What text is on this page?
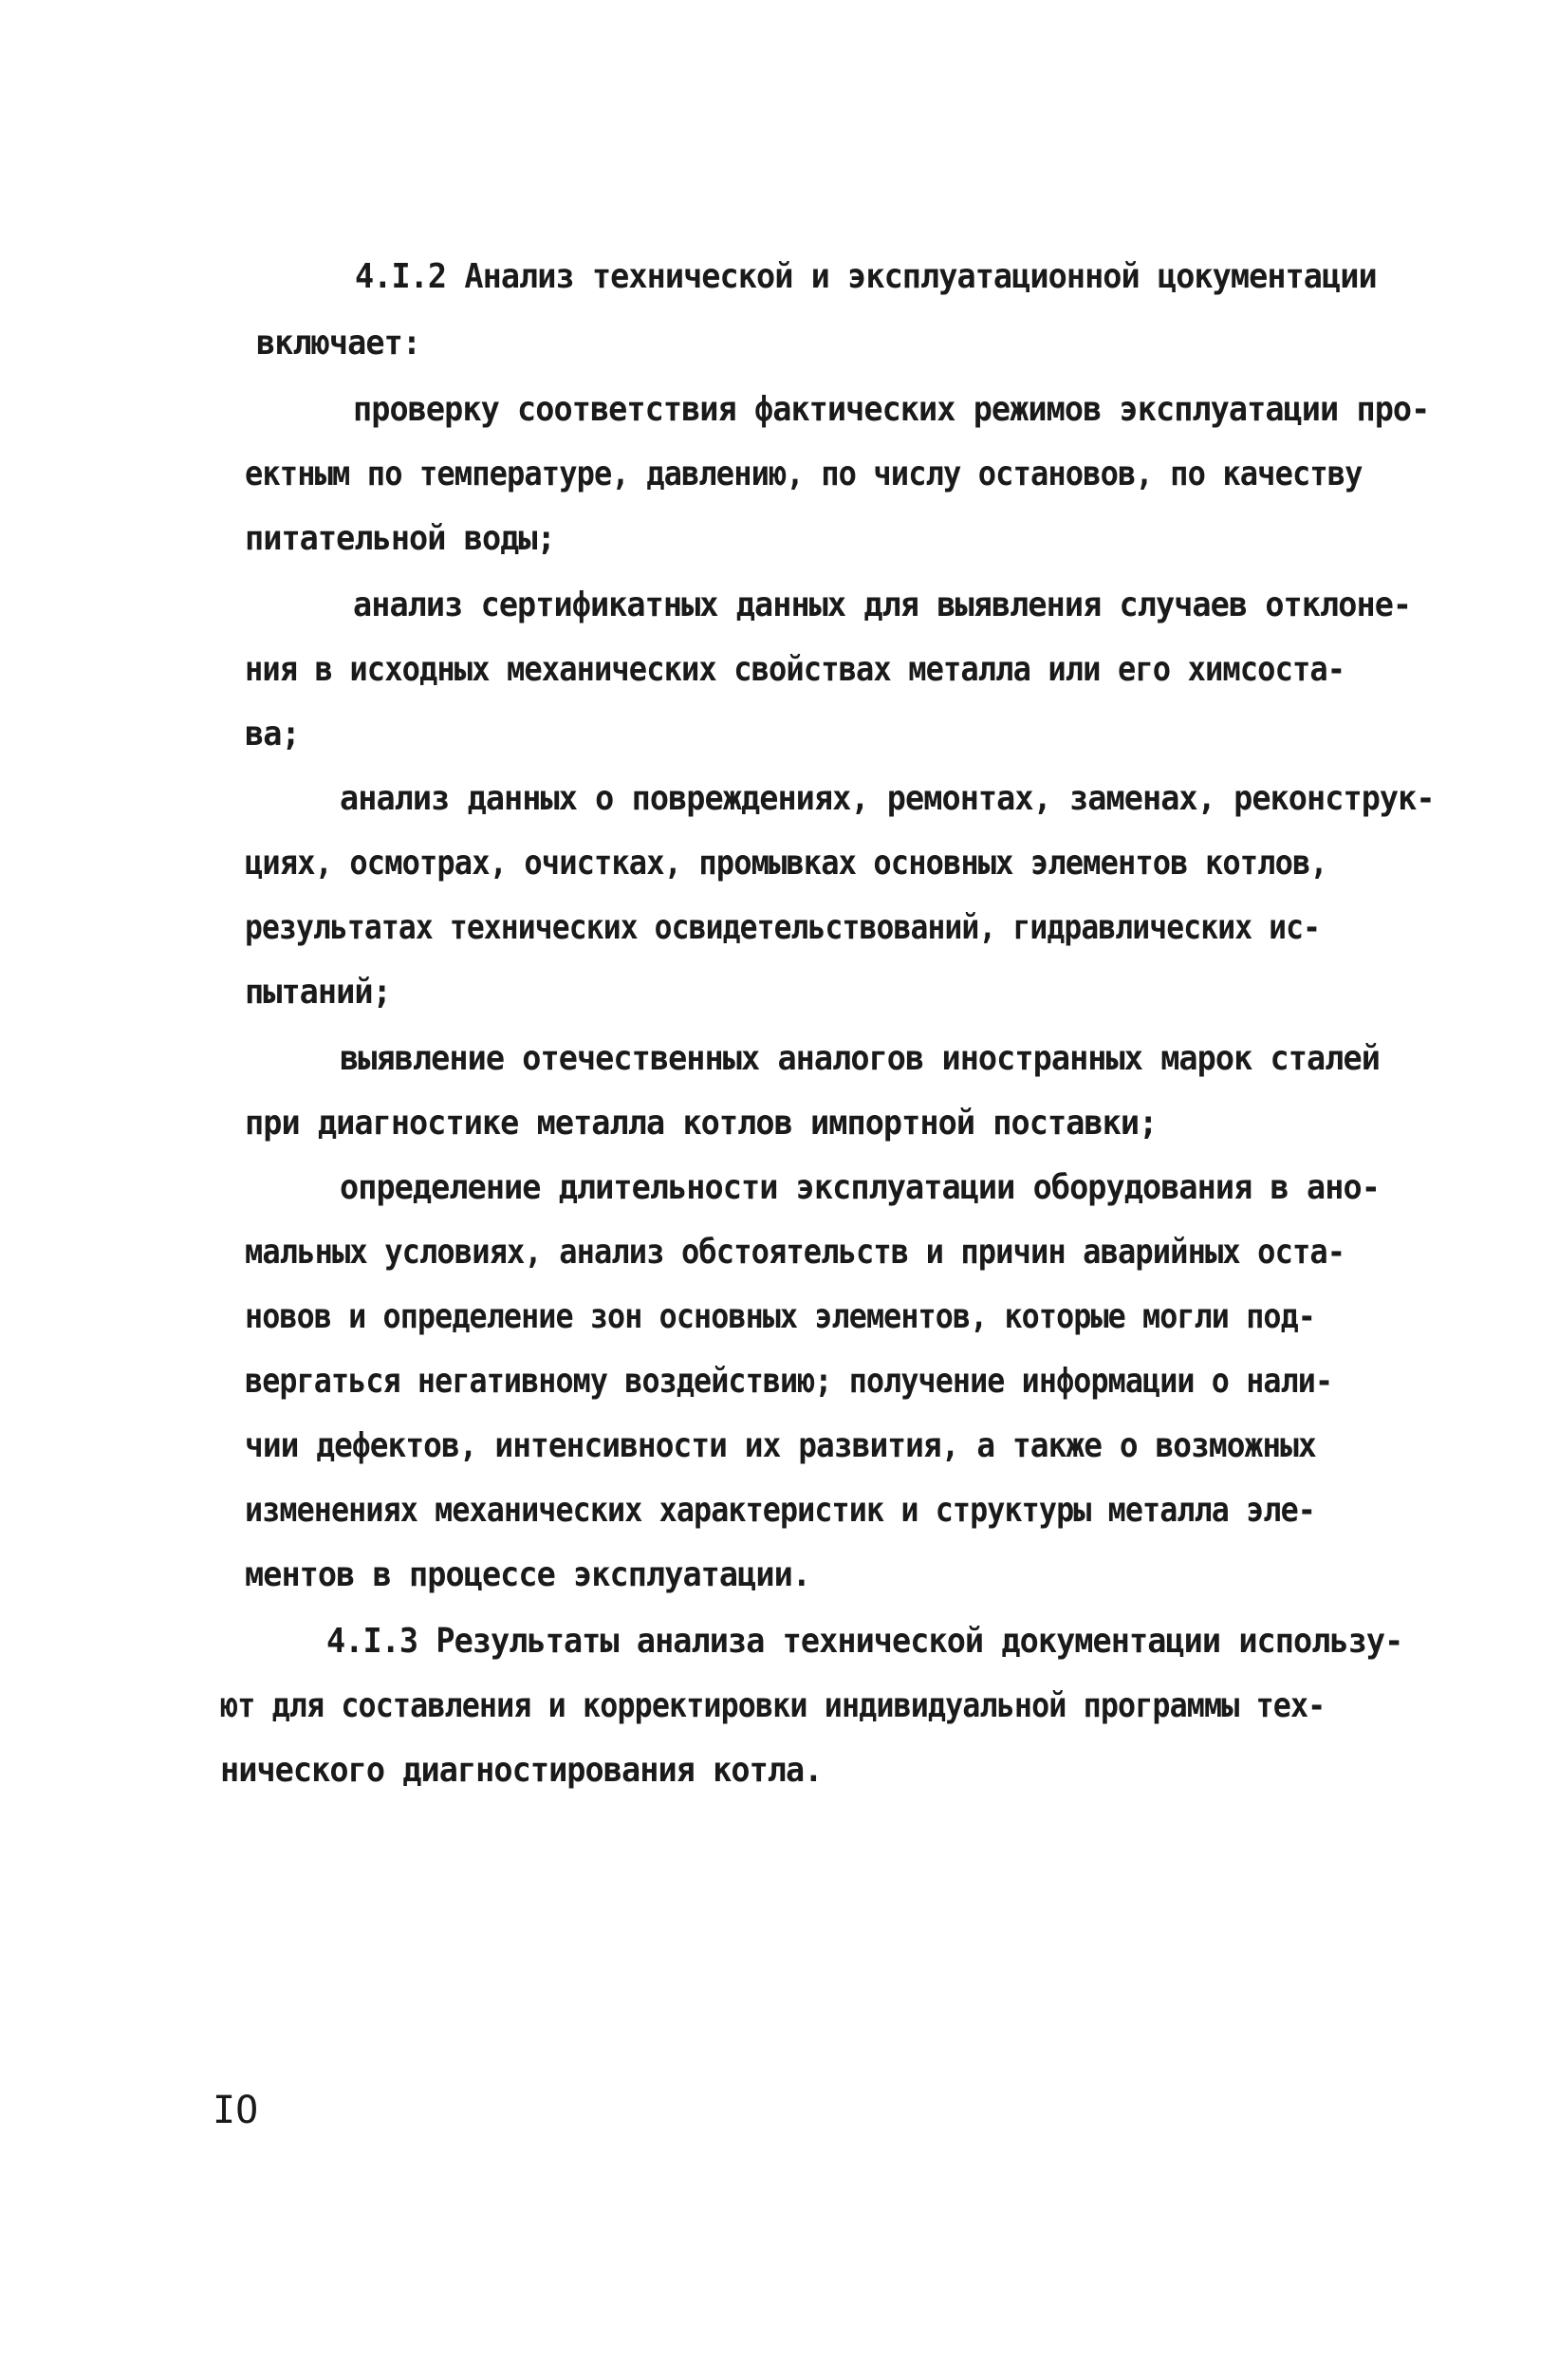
4.I.2 Анализ технической и эксплуатационной цокументации
включает:
проверку соответствия фактических режимов эксплуатации про-
ектным по температуре, давлению, по числу остановов, по качеству
питательной воды;
анализ сертификатных данных для выявления случаев отклоне-
ния в исходных механических свойствах металла или его химсоста-
ва;
анализ данных о повреждениях, ремонтах, заменах, реконструк-
циях, осмотрах, очистках, промывках основных элементов котлов,
результатах технических освидетельствований, гидравлических ис-
пытаний;
выявление отечественных аналогов иностранных марок сталей
при диагностике металла котлов импортной поставки;
определение длительности эксплуатации оборудования в ано-
мальных условиях, анализ обстоятельств и причин аварийных оста-
новов и определение зон основных элементов, которые могли под-
вергаться негативному воздействию; получение информации о нали-
чии дефектов, интенсивности их развития, а также о возможных
изменениях механических характеристик и структуры металла эле-
ментов в процессе эксплуатации.
4.I.3 Результаты анализа технической документации использу-
ют для составления и корректировки индивидуальной программы тех-
нического диагностирования котла.
IO
